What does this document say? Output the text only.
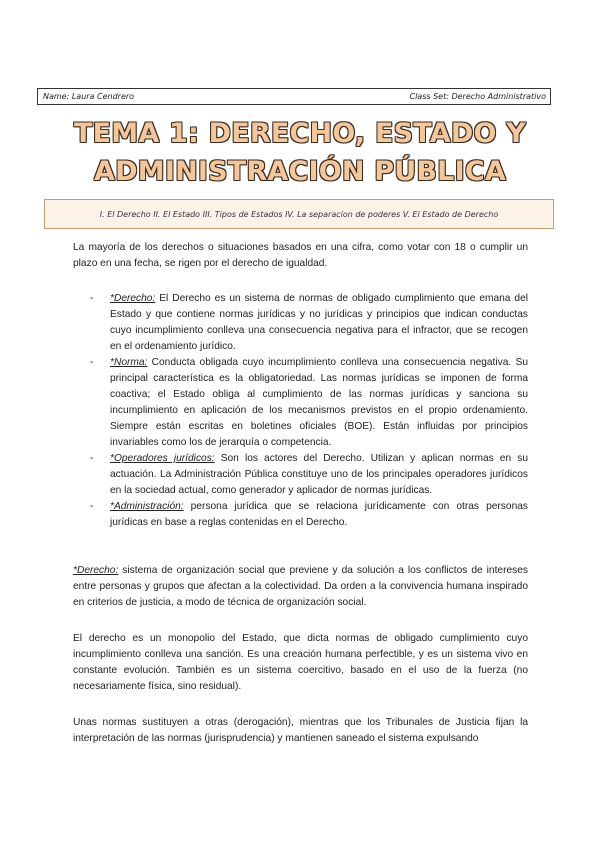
Name: Laura Cendrero	Class Set: Derecho Administrativo
TEMA 1: DERECHO, ESTADO Y
ADMINISTRACIÓN PÚBLICA
I. El Derecho II. El Estado III. Tipos de Estados IV. La separacion de poderes V. El Estado de Derecho

La mayoría de los derechos o situaciones basados en una cifra, como votar con 18 o cumplir un plazo en una fecha, se rigen por el derecho de igualdad.

- *Derecho: El Derecho es un sistema de normas de obligado cumplimiento que emana del Estado y que contiene normas jurídicas y no jurídicas y principios que indican conductas cuyo incumplimiento conlleva una consecuencia negativa para el infractor, que se recogen en el ordenamiento jurídico.
- *Norma: Conducta obligada cuyo incumplimiento conlleva una consecuencia negativa. Su principal característica es la obligatoriedad. Las normas jurídicas se imponen de forma coactiva; el Estado obliga al cumplimiento de las normas jurídicas y sanciona su incumplimiento en aplicación de los mecanismos previstos en el propio ordenamiento. Siempre están escritas en boletines oficiales (BOE). Están influidas por principios invariables como los de jerarquía o competencia.
- *Operadores jurídicos: Son los actores del Derecho. Utilizan y aplican normas en su actuación. La Administración Pública constituye uno de los principales operadores jurídicos en la sociedad actual, como generador y aplicador de normas jurídicas.
- *Administración: persona jurídica que se relaciona jurídicamente con otras personas jurídicas en base a reglas contenidas en el Derecho.

*Derecho: sistema de organización social que previene y da solución a los conflictos de intereses entre personas y grupos que afectan a la colectividad. Da orden a la convivencia humana inspirado en criterios de justicia, a modo de técnica de organización social.

El derecho es un monopolio del Estado, que dicta normas de obligado cumplimiento cuyo incumplimiento conlleva una sanción. Es una creación humana perfectible, y es un sistema vivo en constante evolución. También es un sistema coercitivo, basado en el uso de la fuerza (no necesariamente física, sino residual).

Unas normas sustituyen a otras (derogación), mientras que los Tribunales de Justicia fijan la interpretación de las normas (jurisprudencia) y mantienen saneado el sistema expulsando
